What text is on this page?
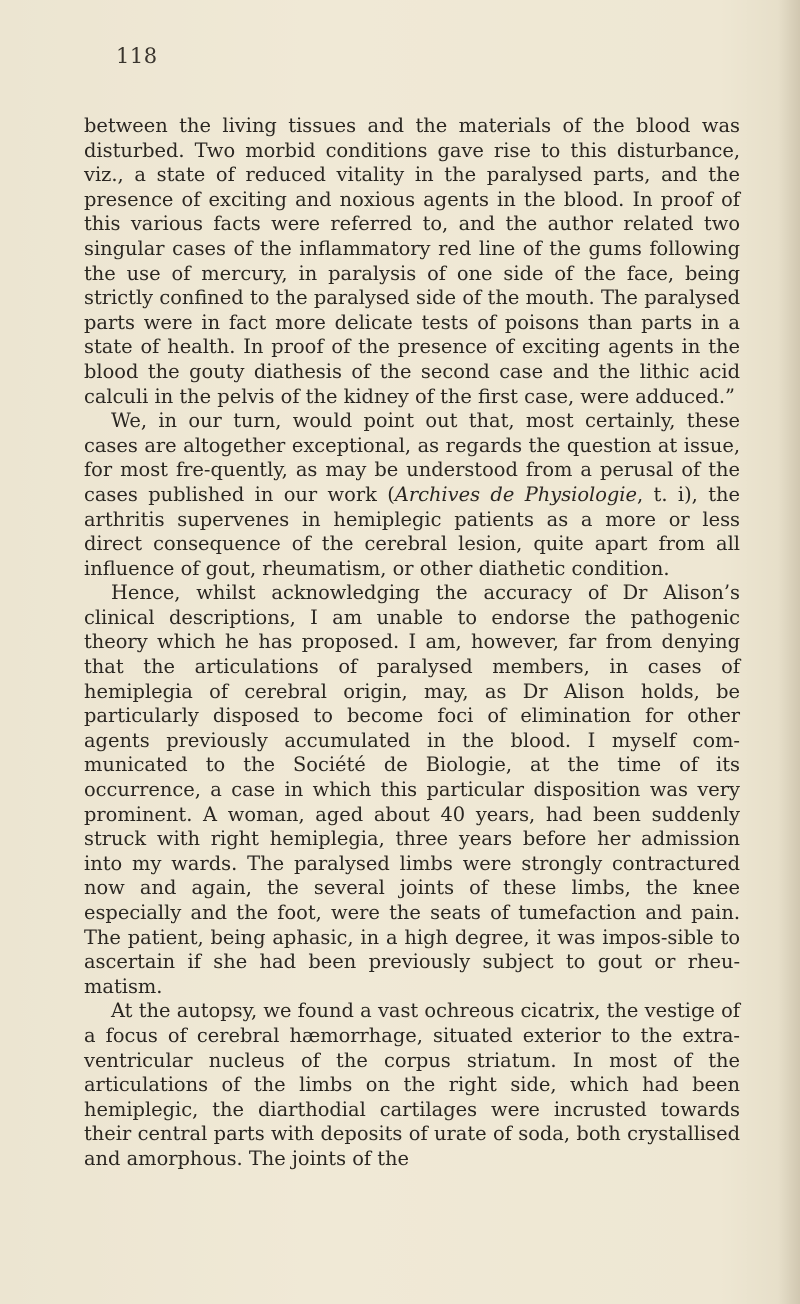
118

between the living tissues and the materials of the blood was disturbed. Two morbid conditions gave rise to this disturbance, viz., a state of reduced vitality in the paralysed parts, and the presence of exciting and noxious agents in the blood. In proof of this various facts were referred to, and the author related two singular cases of the inflammatory red line of the gums following the use of mercury, in paralysis of one side of the face, being strictly confined to the paralysed side of the mouth. The paralysed parts were in fact more delicate tests of poisons than parts in a state of health. In proof of the presence of exciting agents in the blood the gouty diathesis of the second case and the lithic acid calculi in the pelvis of the kidney of the first case, were adduced.”

We, in our turn, would point out that, most certainly, these cases are altogether exceptional, as regards the question at issue, for most fre-quently, as may be understood from a perusal of the cases published in our work (Archives de Physiologie, t. i), the arthritis supervenes in hemiplegic patients as a more or less direct consequence of the cerebral lesion, quite apart from all influence of gout, rheumatism, or other diathetic condition.

Hence, whilst acknowledging the accuracy of Dr Alison’s clinical descriptions, I am unable to endorse the pathogenic theory which he has proposed. I am, however, far from denying that the articulations of paralysed members, in cases of hemiplegia of cerebral origin, may, as Dr Alison holds, be particularly disposed to become foci of elimination for other agents previously accumulated in the blood. I myself com-municated to the Société de Biologie, at the time of its occurrence, a case in which this particular disposition was very prominent. A woman, aged about 40 years, had been suddenly struck with right hemiplegia, three years before her admission into my wards. The paralysed limbs were strongly contractured now and again, the several joints of these limbs, the knee especially and the foot, were the seats of tumefaction and pain. The patient, being aphasic, in a high degree, it was impos-sible to ascertain if she had been previously subject to gout or rheu-matism.

At the autopsy, we found a vast ochreous cicatrix, the vestige of a focus of cerebral hæmorrhage, situated exterior to the extra-ventricular nucleus of the corpus striatum. In most of the articulations of the limbs on the right side, which had been hemiplegic, the diarthodial cartilages were incrusted towards their central parts with deposits of urate of soda, both crystallised and amorphous. The joints of the
